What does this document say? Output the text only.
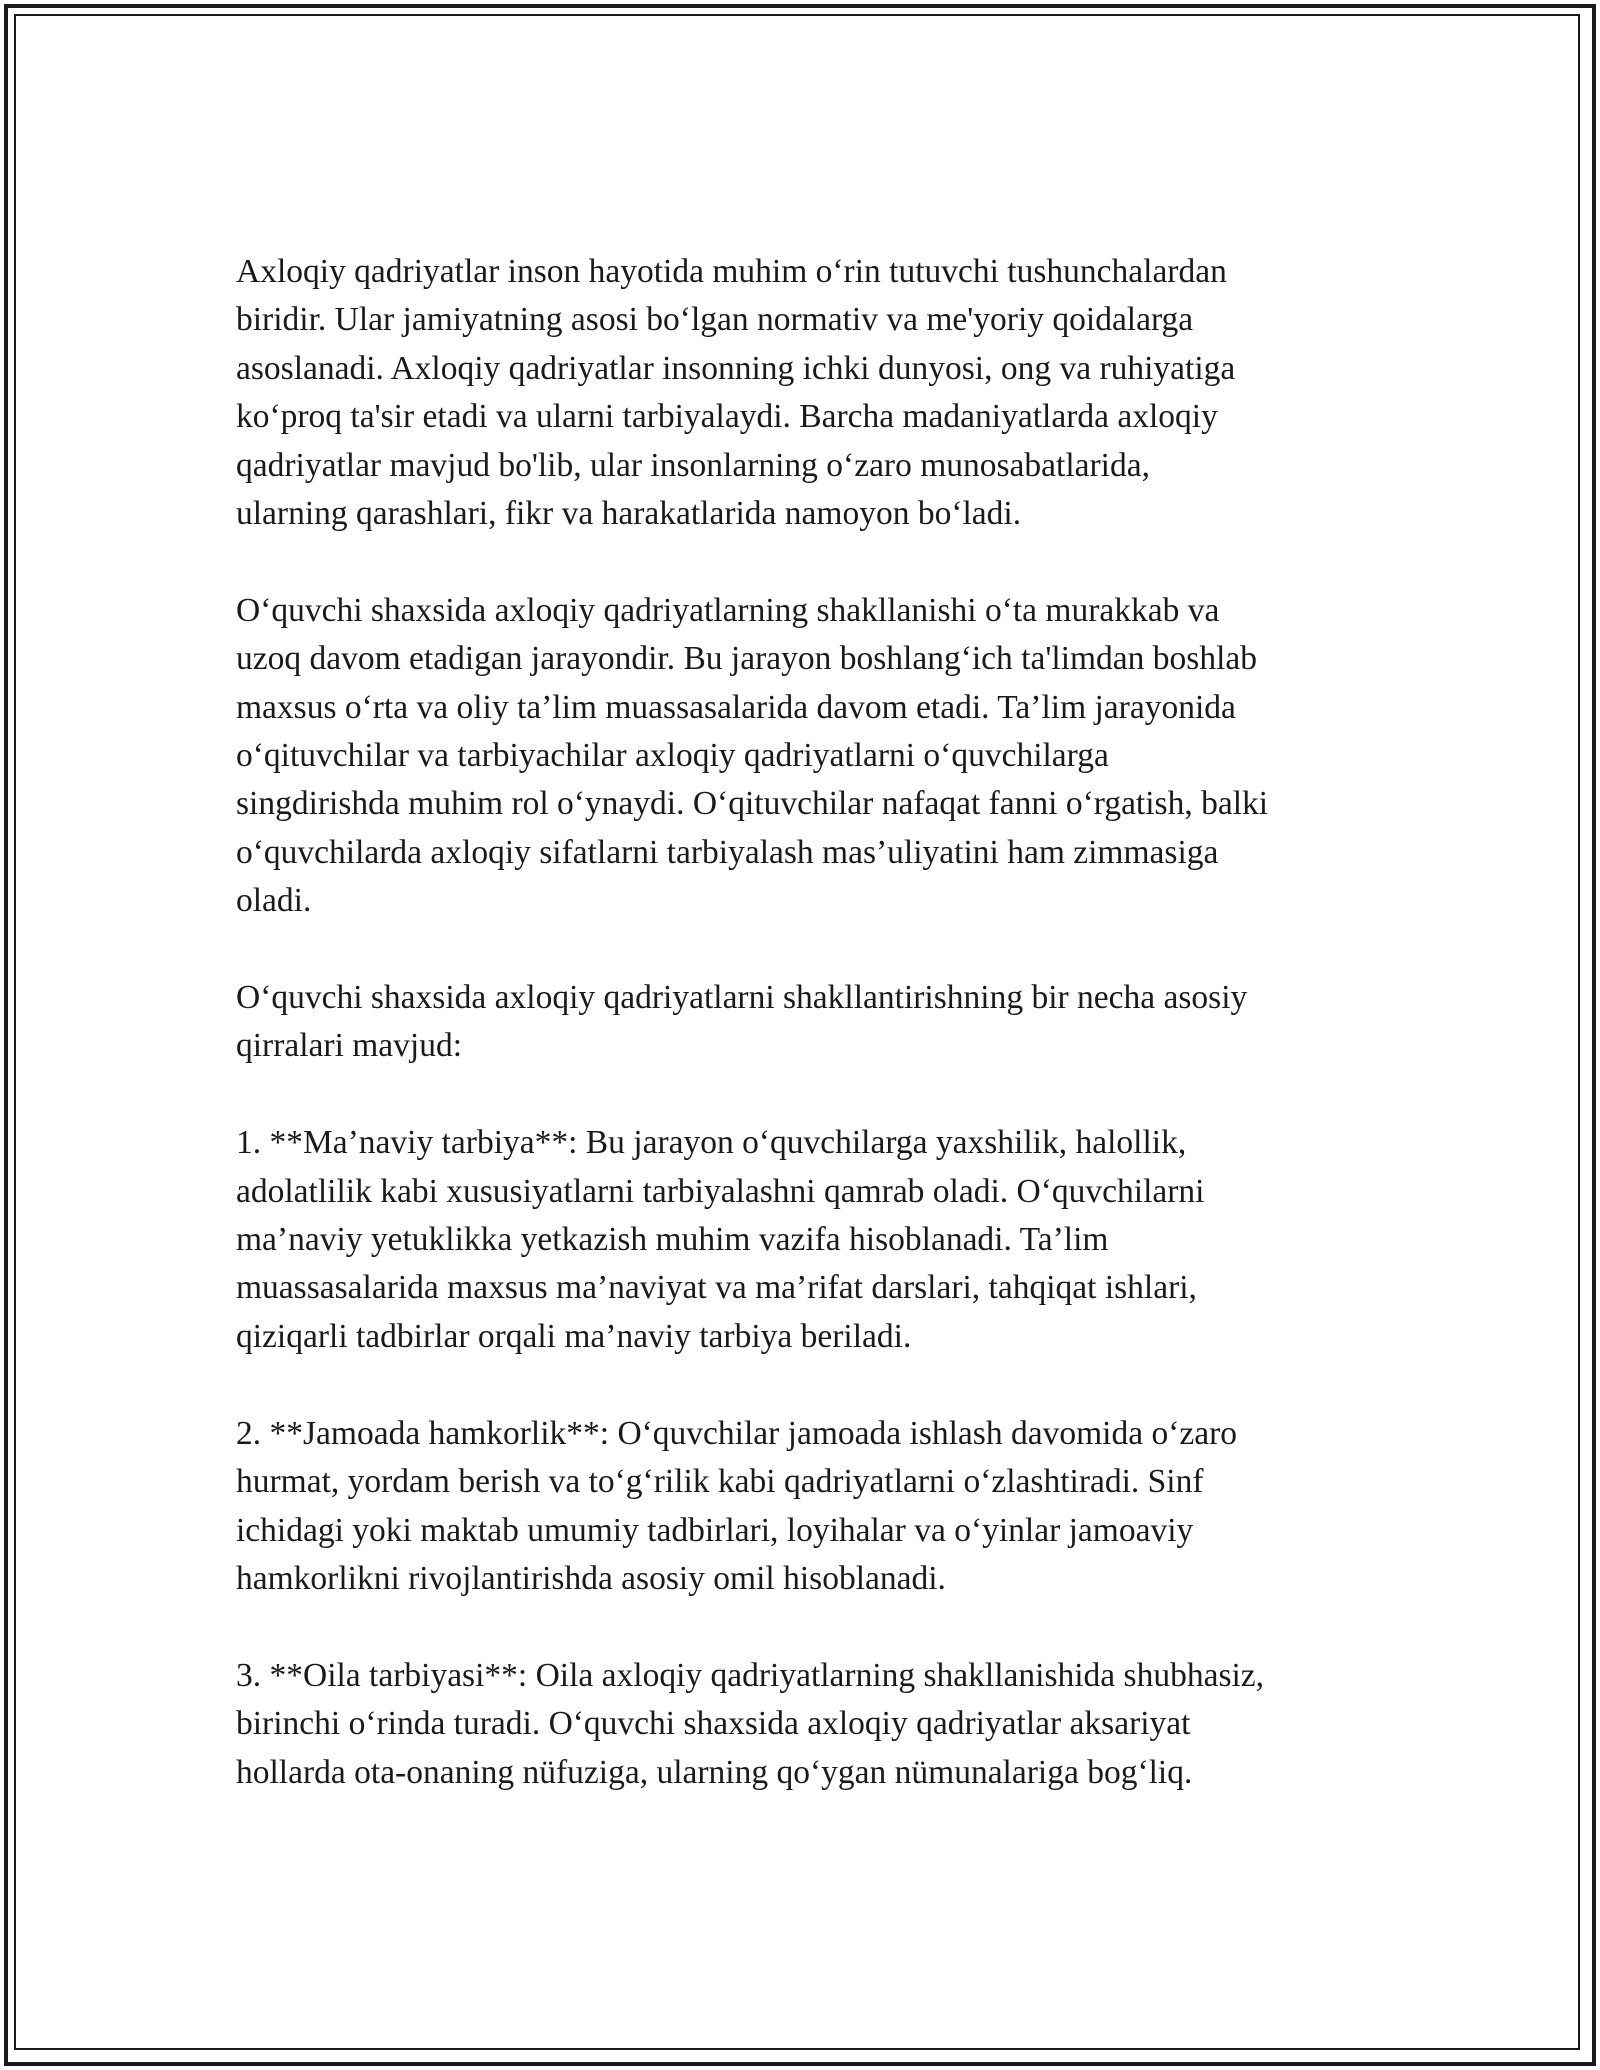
Axloqiy qadriyatlar inson hayotida muhim o‘rin tutuvchi tushunchalardan
biridir. Ular jamiyatning asosi bo‘lgan normativ va me'yoriy qoidalarga
asoslanadi. Axloqiy qadriyatlar insonning ichki dunyosi, ong va ruhiyatiga
ko‘proq ta'sir etadi va ularni tarbiyalaydi. Barcha madaniyatlarda axloqiy
qadriyatlar mavjud bo'lib, ular insonlarning o‘zaro munosabatlarida,
ularning qarashlari, fikr va harakatlarida namoyon bo‘ladi.

O‘quvchi shaxsida axloqiy qadriyatlarning shakllanishi o‘ta murakkab va
uzoq davom etadigan jarayondir. Bu jarayon boshlang‘ich ta'limdan boshlab
maxsus o‘rta va oliy ta’lim muassasalarida davom etadi. Ta’lim jarayonida
o‘qituvchilar va tarbiyachilar axloqiy qadriyatlarni o‘quvchilarga
singdirishda muhim rol o‘ynaydi. O‘qituvchilar nafaqat fanni o‘rgatish, balki
o‘quvchilarda axloqiy sifatlarni tarbiyalash mas’uliyatini ham zimmasiga
oladi.

O‘quvchi shaxsida axloqiy qadriyatlarni shakllantirishning bir necha asosiy
qirralari mavjud:

1. **Ma’naviy tarbiya**: Bu jarayon o‘quvchilarga yaxshilik, halollik,
adolatlilik kabi xususiyatlarni tarbiyalashni qamrab oladi. O‘quvchilarni
ma’naviy yetuklikka yetkazish muhim vazifa hisoblanadi. Ta’lim
muassasalarida maxsus ma’naviyat va ma’rifat darslari, tahqiqat ishlari,
qiziqarli tadbirlar orqali ma’naviy tarbiya beriladi.

2. **Jamoada hamkorlik**: O‘quvchilar jamoada ishlash davomida o‘zaro
hurmat, yordam berish va to‘g‘rilik kabi qadriyatlarni o‘zlashtiradi. Sinf
ichidagi yoki maktab umumiy tadbirlari, loyihalar va o‘yinlar jamoaviy
hamkorlikni rivojlantirishda asosiy omil hisoblanadi.

3. **Oila tarbiyasi**: Oila axloqiy qadriyatlarning shakllanishida shubhasiz,
birinchi o‘rinda turadi. O‘quvchi shaxsida axloqiy qadriyatlar aksariyat
hollarda ota-onaning nüfuziga, ularning qo‘ygan nümunalariga bog‘liq.
